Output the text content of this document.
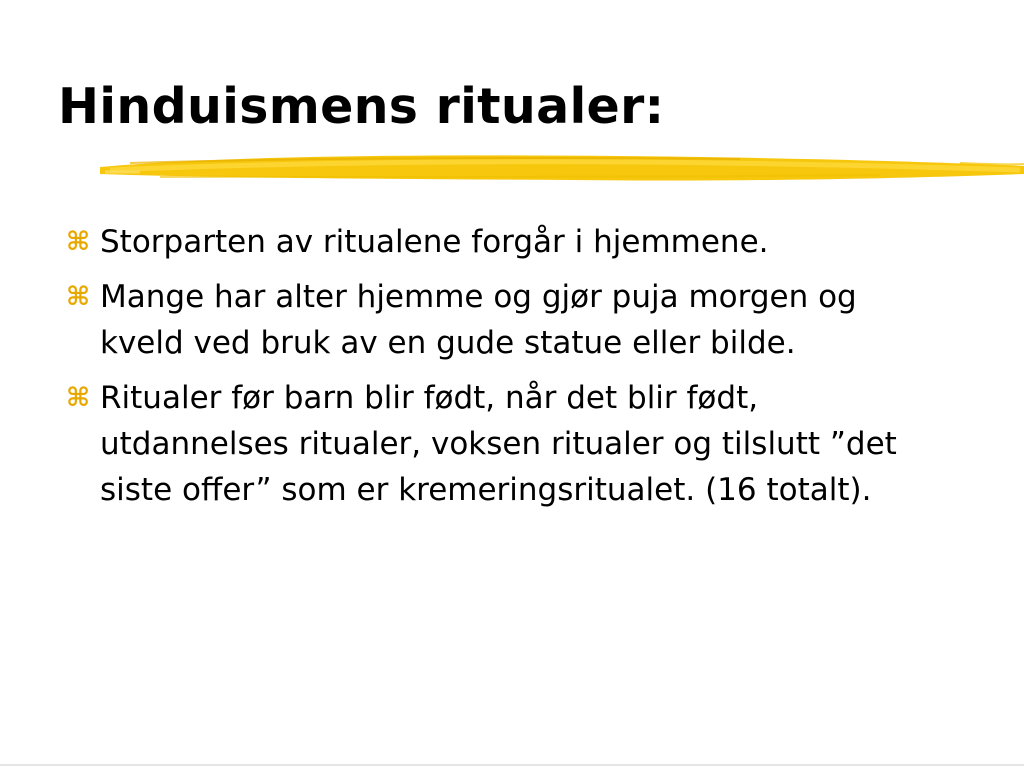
Hinduismens ritualer:
⌘ Storparten av ritualene forgår i hjemmene.
⌘ Mange har alter hjemme og gjør puja morgen og kveld ved bruk av en gude statue eller bilde.
⌘ Ritualer før barn blir født, når det blir født, utdannelses ritualer, voksen ritualer og tilslutt ”det siste offer” som er kremeringsritualet. (16 totalt).
